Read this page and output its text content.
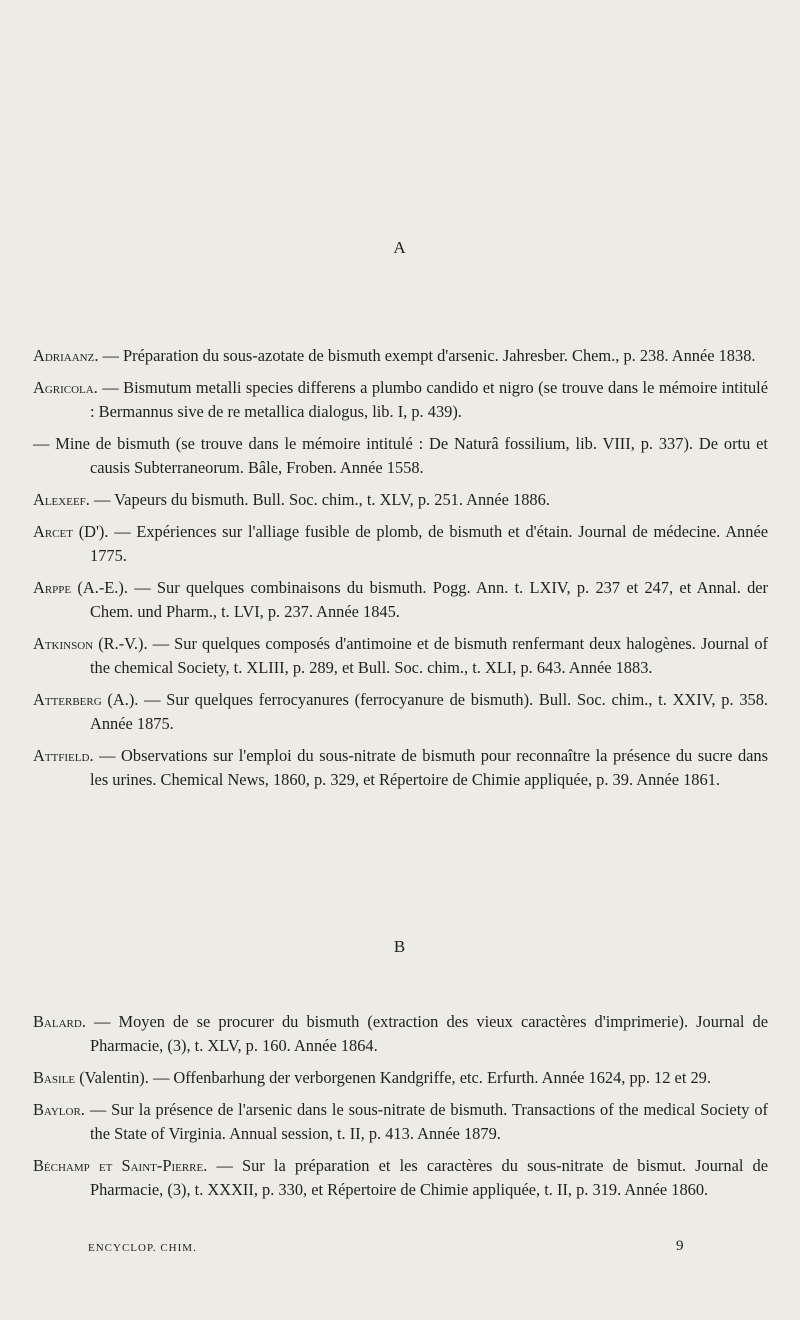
A

Adriaanz. — Préparation du sous-azotate de bismuth exempt d'arsenic. Jahresber. Chem., p. 238. Année 1838.

Agricola. — Bismutum metalli species differens a plumbo candido et nigro (se trouve dans le mémoire intitulé : Bermannus sive de re metallica dialogus, lib. I, p. 439).

— Mine de bismuth (se trouve dans le mémoire intitulé : De Naturâ fossilium, lib. VIII, p. 337). De ortu et causis Subterraneorum. Bâle, Froben. Année 1558.

Alexeef. — Vapeurs du bismuth. Bull. Soc. chim., t. XLV, p. 251. Année 1886.

Arcet (D'). — Expériences sur l'alliage fusible de plomb, de bismuth et d'étain. Journal de médecine. Année 1775.

Arppe (A.-E.). — Sur quelques combinaisons du bismuth. Pogg. Ann. t. LXIV, p. 237 et 247, et Annal. der Chem. und Pharm., t. LVI, p. 237. Année 1845.

Atkinson (R.-V.). — Sur quelques composés d'antimoine et de bismuth renfermant deux halogènes. Journal of the chemical Society, t. XLIII, p. 289, et Bull. Soc. chim., t. XLI, p. 643. Année 1883.

Atterberg (A.). — Sur quelques ferrocyanures (ferrocyanure de bismuth). Bull. Soc. chim., t. XXIV, p. 358. Année 1875.

Attfield. — Observations sur l'emploi du sous-nitrate de bismuth pour reconnaître la présence du sucre dans les urines. Chemical News, 1860, p. 329, et Répertoire de Chimie appliquée, p. 39. Année 1861.

B

Balard. — Moyen de se procurer du bismuth (extraction des vieux caractères d'imprimerie). Journal de Pharmacie, (3), t. XLV, p. 160. Année 1864.

Basile (Valentin). — Offenbarhung der verborgenen Kandgriffe, etc. Erfurth. Année 1624, pp. 12 et 29.

Baylor. — Sur la présence de l'arsenic dans le sous-nitrate de bismuth. Transactions of the medical Society of the State of Virginia. Annual session, t. II, p. 413. Année 1879.

Béchamp et Saint-Pierre. — Sur la préparation et les caractères du sous-nitrate de bismut. Journal de Pharmacie, (3), t. XXXII, p. 330, et Répertoire de Chimie appliquée, t. II, p. 319. Année 1860.

ENCYCLOP. CHIM.	9
